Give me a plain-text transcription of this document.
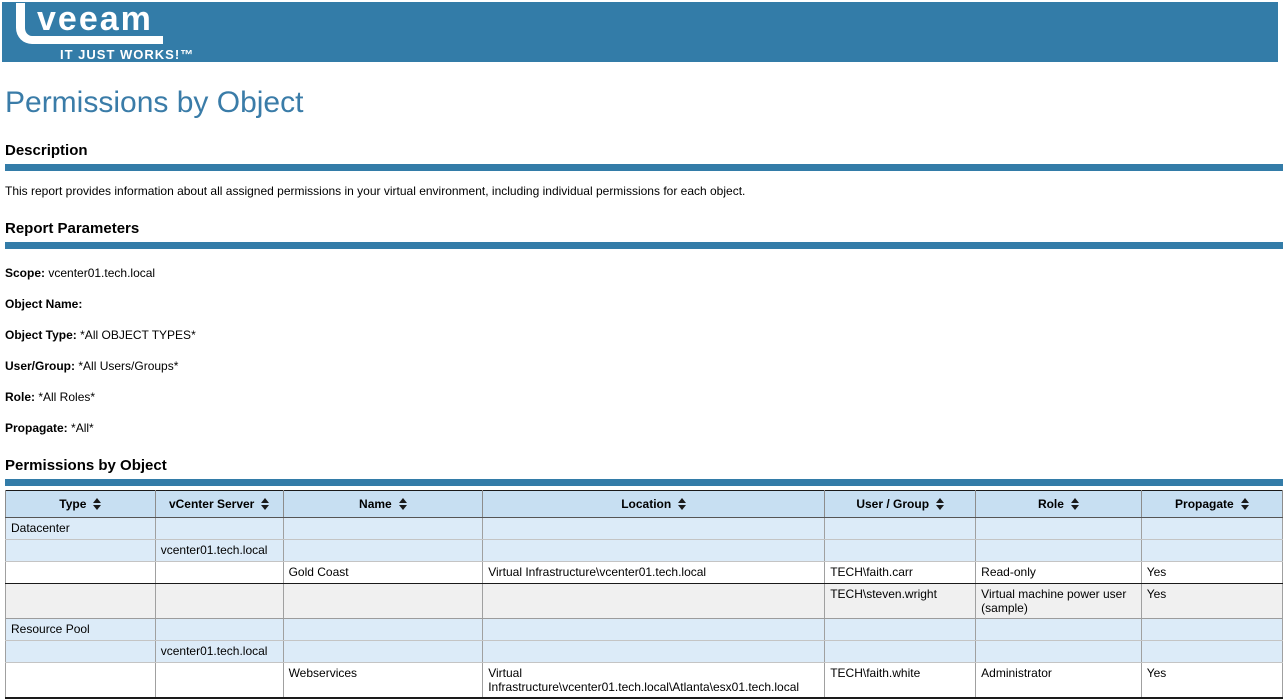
veeam
IT JUST WORKS!™
Permissions by Object
Description

This report provides information about all assigned permissions in your virtual environment, including individual permissions for each object.

Report Parameters
Scope: vcenter01.tech.local
Object Name:
Object Type: *All OBJECT TYPES*
User/Group: *All Users/Groups*
Role: *All Roles*
Propagate: *All*
Permissions by Object
Type	vCenter Server	Name	Location	User / Group	Role	Propagate

Datacenter						
	vcenter01.tech.local					
		Gold Coast	Virtual Infrastructure\vcenter01.tech.local	TECH\faith.carr	Read-only	Yes
				TECH\steven.wright	Virtual machine power user (sample)	Yes
Resource Pool						
	vcenter01.tech.local					
		Webservices	Virtual Infrastructure\vcenter01.tech.local\Atlanta\esx01.tech.local	TECH\faith.white	Administrator	Yes
